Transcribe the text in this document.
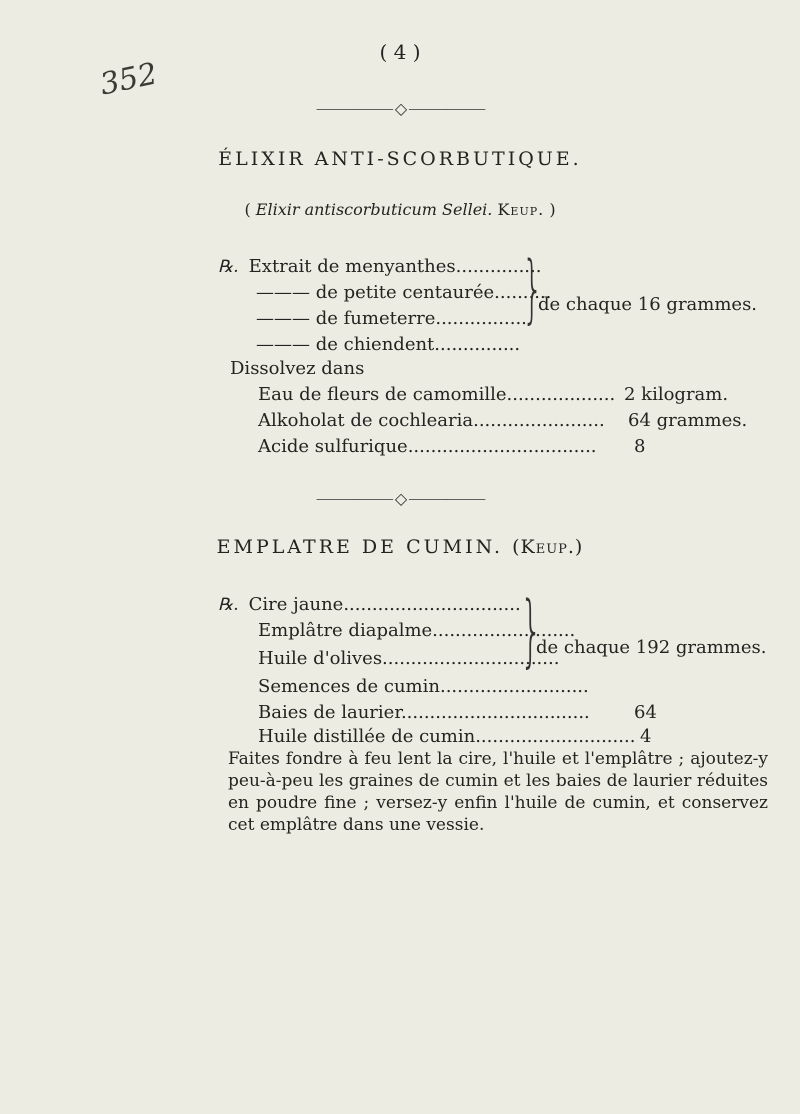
( 4 )
352
⸻⸻ ◇ ⸻⸻
ÉLIXIR ANTI-SCORBUTIQUE.
( Elixir antiscorbuticum Sellei. Keup. )
℞. Extrait de menyanthes...............
——— de petite centaurée..........
——— de fumeterre................
——— de chiendent...............
}
de chaque 16 grammes.
Dissolvez dans
Eau de fleurs de camomille................... 2 kilogram.
Alkoholat de cochlearia....................... 64 grammes.
Acide sulfurique................................. 8
⸻⸻ ◇ ⸻⸻
EMPLATRE DE CUMIN. (Keup.)
℞. Cire jaune...............................
Emplâtre diapalme.........................
Huile d'olives...............................
Semences de cumin..........................
}
de chaque 192 grammes.
Baies de laurier................................. 64
Huile distillée de cumin............................ 4
Faites fondre à feu lent la cire, l'huile et l'emplâtre ; ajoutez-y peu-à-peu les graines de cumin et les baies de laurier réduites en poudre fine ; versez-y enfin l'huile de cumin, et conservez cet emplâtre dans une vessie.
